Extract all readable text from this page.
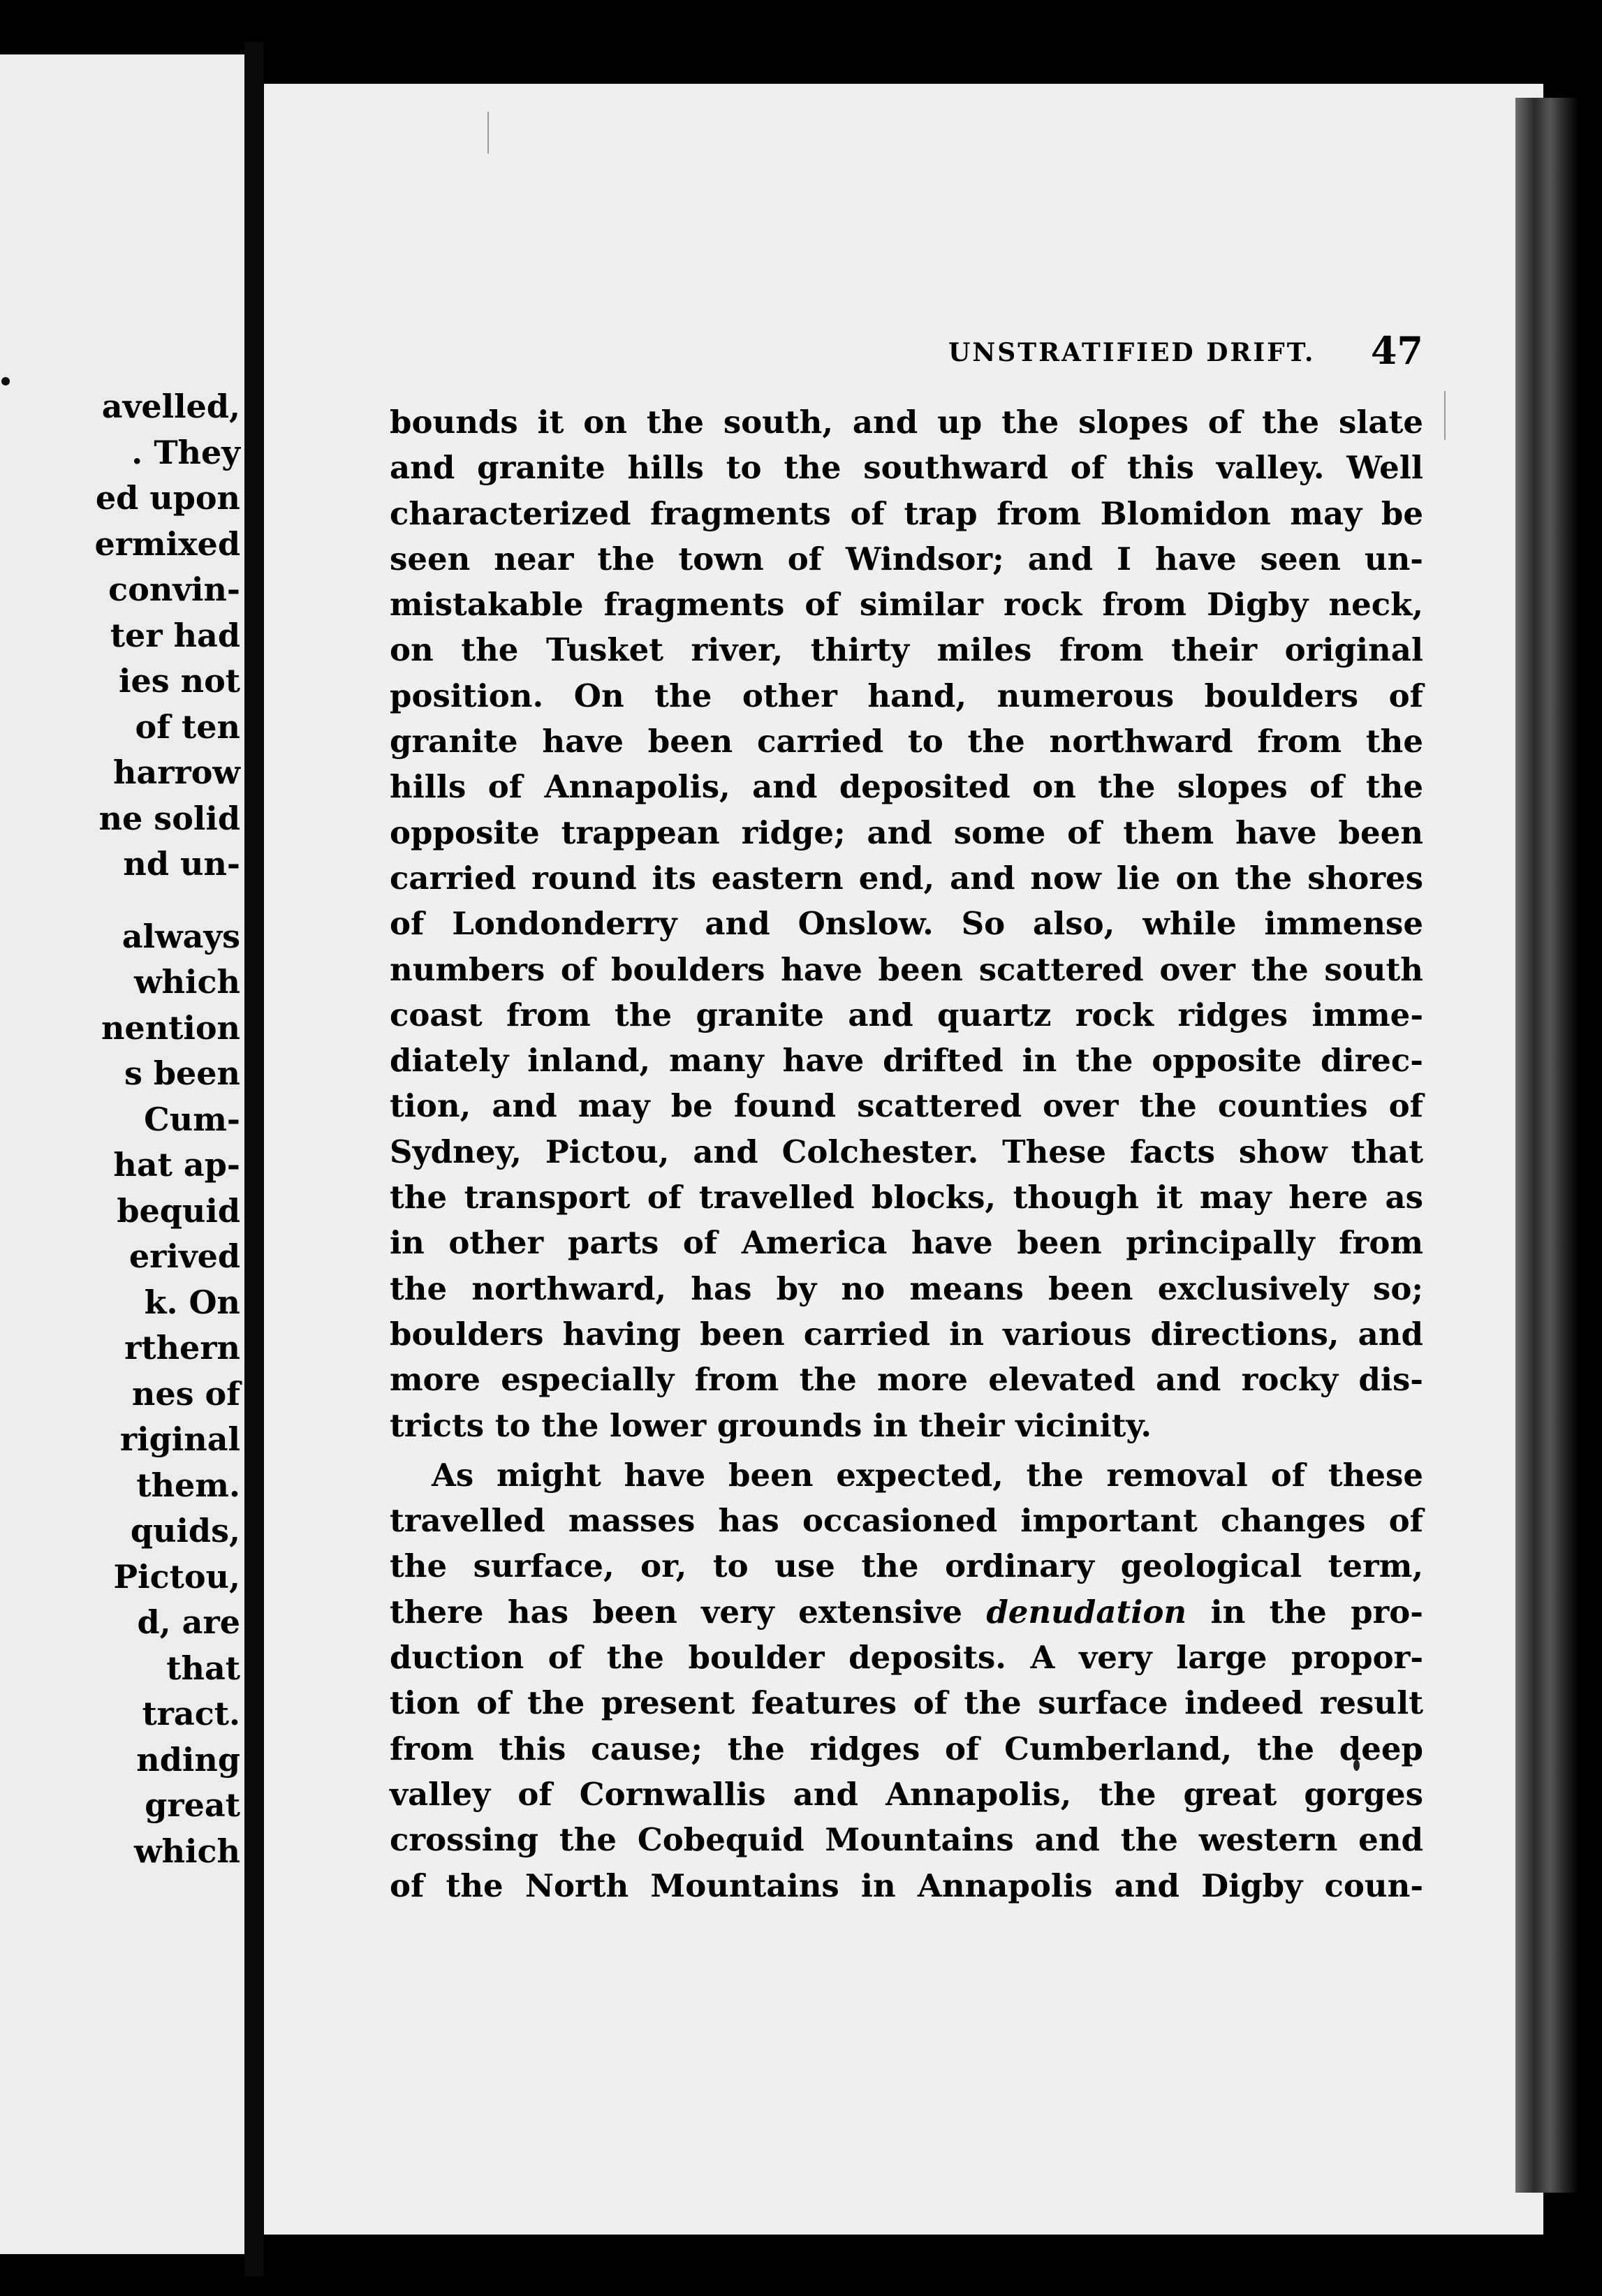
avelled,
. They
ed upon
ermixed
convin-
ter had
ies not
of ten
harrow
ne solid
nd un-
always
which
nention
s been
Cum-
hat ap-
bequid
erived
k. On
rthern
nes of
riginal
them.
quids,
Pictou,
d, are
that
tract.
nding
great
which
UNSTRATIFIED DRIFT. 47
bounds it on the south, and up the slopes of the slate
and granite hills to the southward of this valley. Well
characterized fragments of trap from Blomidon may be
seen near the town of Windsor; and I have seen un-
mistakable fragments of similar rock from Digby neck,
on the Tusket river, thirty miles from their original
position. On the other hand, numerous boulders of
granite have been carried to the northward from the
hills of Annapolis, and deposited on the slopes of the
opposite trappean ridge; and some of them have been
carried round its eastern end, and now lie on the shores
of Londonderry and Onslow. So also, while immense
numbers of boulders have been scattered over the south
coast from the granite and quartz rock ridges imme-
diately inland, many have drifted in the opposite direc-
tion, and may be found scattered over the counties of
Sydney, Pictou, and Colchester. These facts show that
the transport of travelled blocks, though it may here as
in other parts of America have been principally from
the northward, has by no means been exclusively so;
boulders having been carried in various directions, and
more especially from the more elevated and rocky dis-
tricts to the lower grounds in their vicinity.
As might have been expected, the removal of these
travelled masses has occasioned important changes of
the surface, or, to use the ordinary geological term,
there has been very extensive denudation in the pro-
duction of the boulder deposits. A very large propor-
tion of the present features of the surface indeed result
from this cause; the ridges of Cumberland, the deep
valley of Cornwallis and Annapolis, the great gorges
crossing the Cobequid Mountains and the western end
of the North Mountains in Annapolis and Digby coun-
